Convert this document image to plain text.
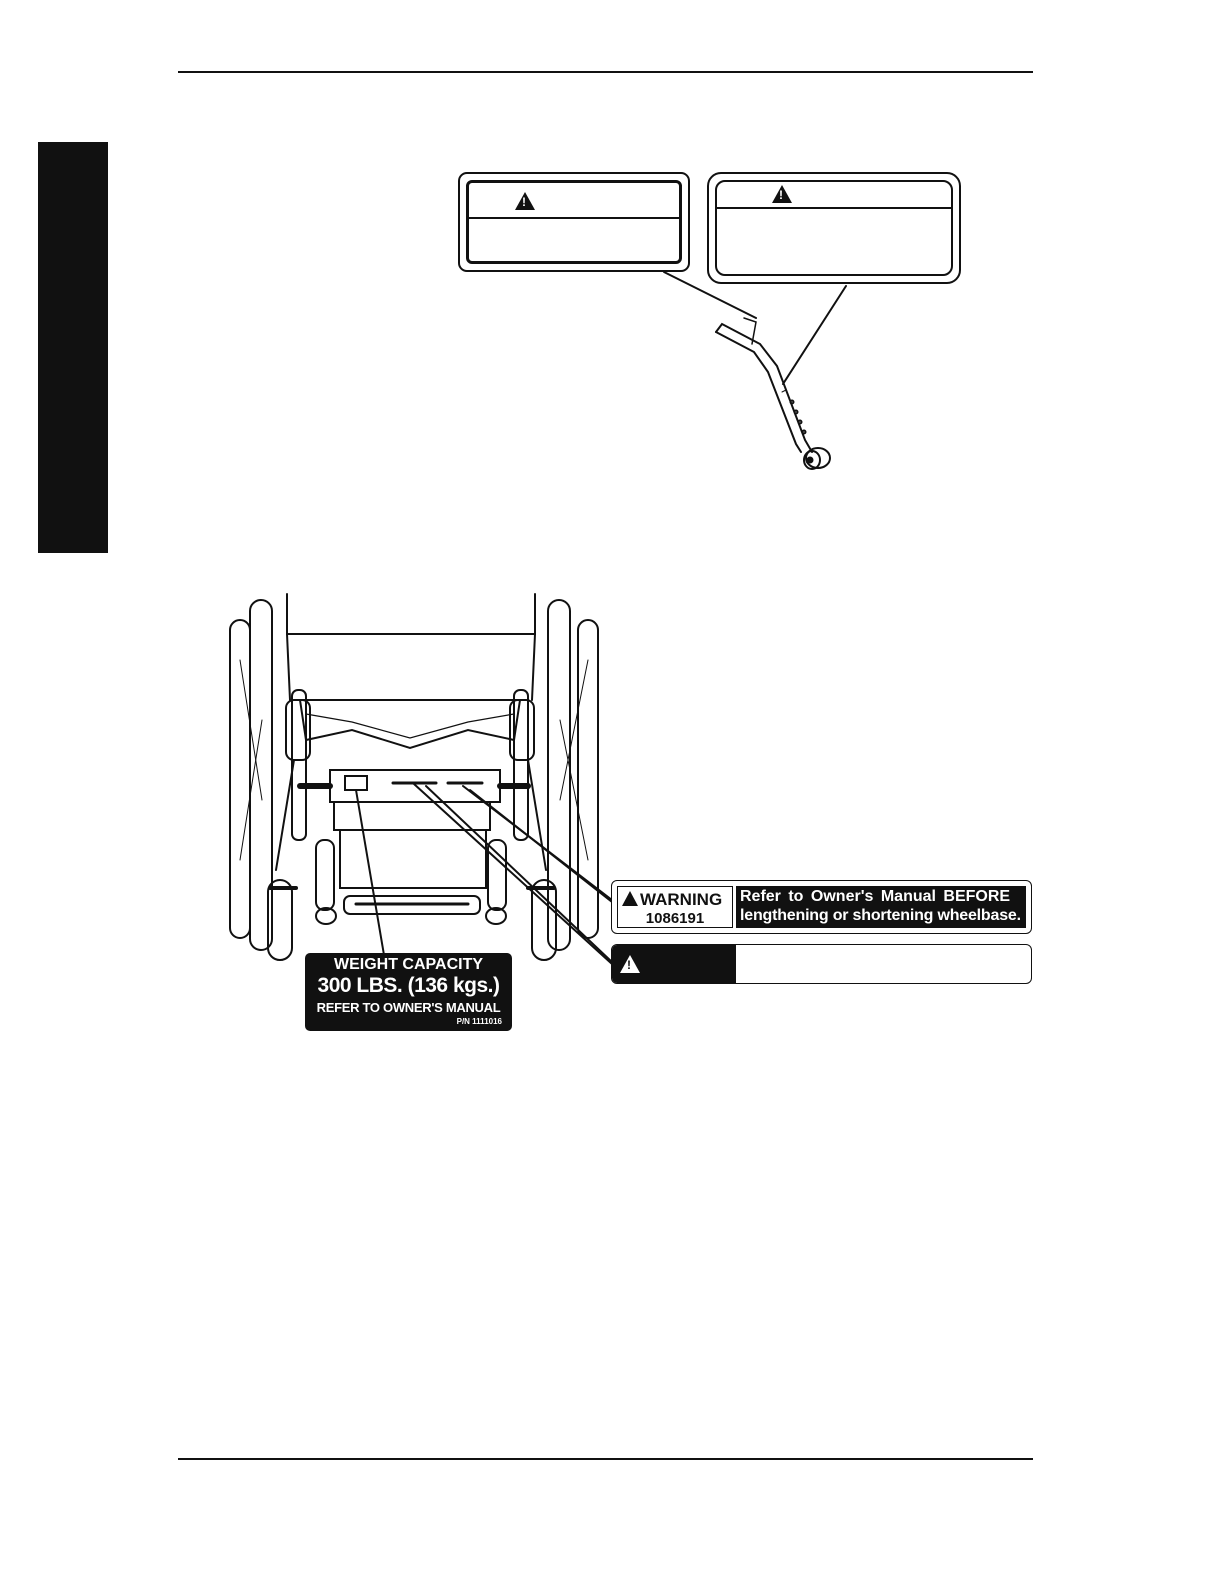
!
!
WEIGHT CAPACITY
300 LBS. (136 kgs.)
REFER TO OWNER'S MANUAL
P/N 1111016
WARNING
1086191
Refer to Owner's Manual BEFORE
lengthening or shortening wheelbase.
!
